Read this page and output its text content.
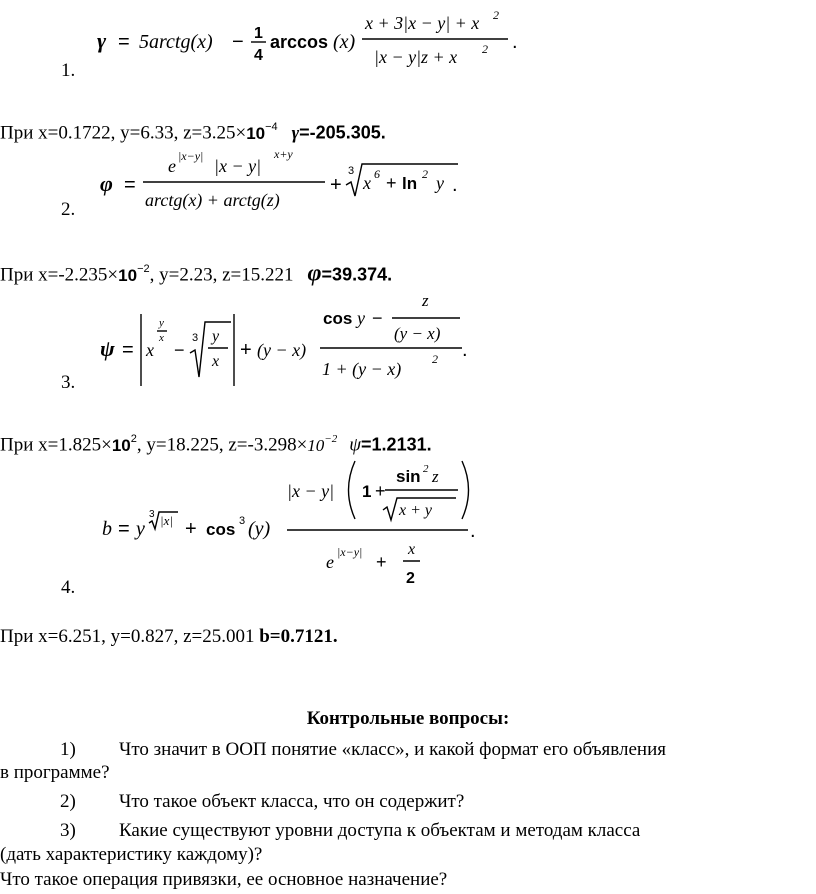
γ = 5arctg(x) − 1
4
arccos (x)
x + 3|x − y| + x 2
|x − y|z + x 2 .
1.
При x=0.1722, y=6.33, $z=3.25\times 10^{-4}$ γ=-205.305.
φ =
e |x−y| |x − y|
x+y
arctg(x) + arctg(z)
+
3
x 6 + ln 2 y .
2.
При $x=-2.235\times 10^{-2}$, y=2.23, z=15.221 φ=39.374.
ψ = x
y
x
−
3 y
x
+ (y − x)
cos y −
z
(y − x)
1 + (y − x)	2 .
3.
При $x=1.825\times 10^2$, y=18.225, $z=-3.298\times 10^{-2}$ ψ=1.2131.
b = y
3 |x| + cos 3 (y)
|x − y| 1 +
sin 2 z
x + y
e |x−y| +
x
2
.
4.
При x=6.251, y=0.827, z=25.001 b=0.7121.
Контрольные вопросы:
1) Что значит в ООП понятие «класс», и какой формат его объявления
в программе?
2) Что такое объект класса, что он содержит?
3) Какие существуют уровни доступа к объектам и методам класса
(дать характеристику каждому)?
Что такое операция привязки, ее основное назначение?
